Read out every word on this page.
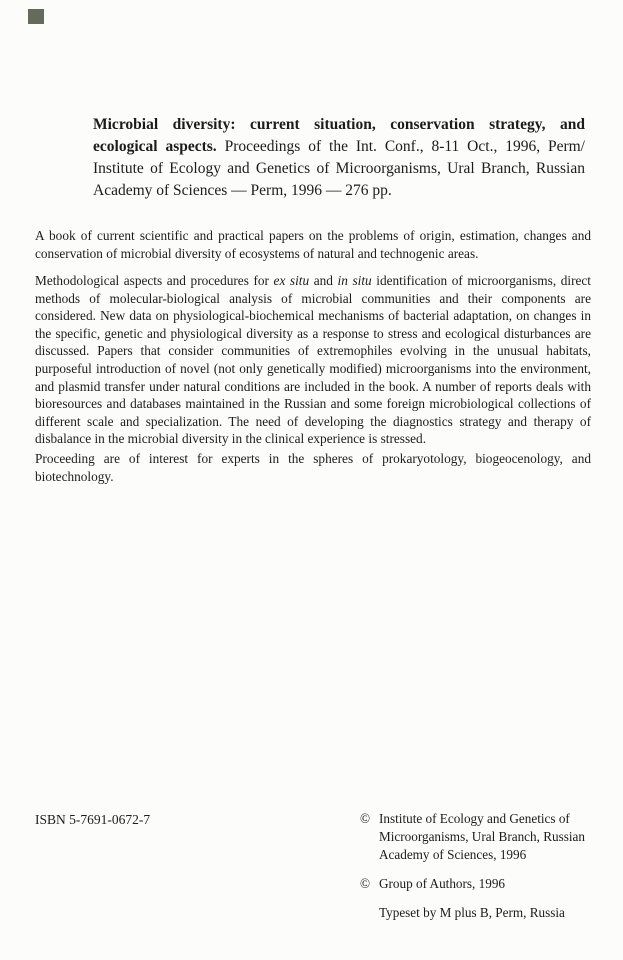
Microbial diversity: current situation, conservation strategy, and ecological aspects. Proceedings of the Int. Conf., 8-11 Oct., 1996, Perm/ Institute of Ecology and Genetics of Microorganisms, Ural Branch, Russian Academy of Sciences — Perm, 1996 — 276 pp.

A book of current scientific and practical papers on the problems of origin, estimation, changes and conservation of microbial diversity of ecosystems of natural and technogenic areas.

Methodological aspects and procedures for ex situ and in situ identification of microorganisms, direct methods of molecular-biological analysis of microbial communities and their components are considered. New data on physiological-biochemical mechanisms of bacterial adaptation, on changes in the specific, genetic and physiological diversity as a response to stress and ecological disturbances are discussed. Papers that consider communities of extremophiles evolving in the unusual habitats, purposeful introduction of novel (not only genetically modified) microorganisms into the environment, and plasmid transfer under natural conditions are included in the book. A number of reports deals with bioresources and databases maintained in the Russian and some foreign microbiological collections of different scale and specialization. The need of developing the diagnostics strategy and therapy of disbalance in the microbial diversity in the clinical experience is stressed.

Proceeding are of interest for experts in the spheres of prokaryotology, biogeocenology, and biotechnology.

ISBN 5-7691-0672-7	© Institute of Ecology and Genetics of Microorganisms, Ural Branch, Russian Academy of Sciences, 1996
© Group of Authors, 1996
Typeset by M plus B, Perm, Russia
